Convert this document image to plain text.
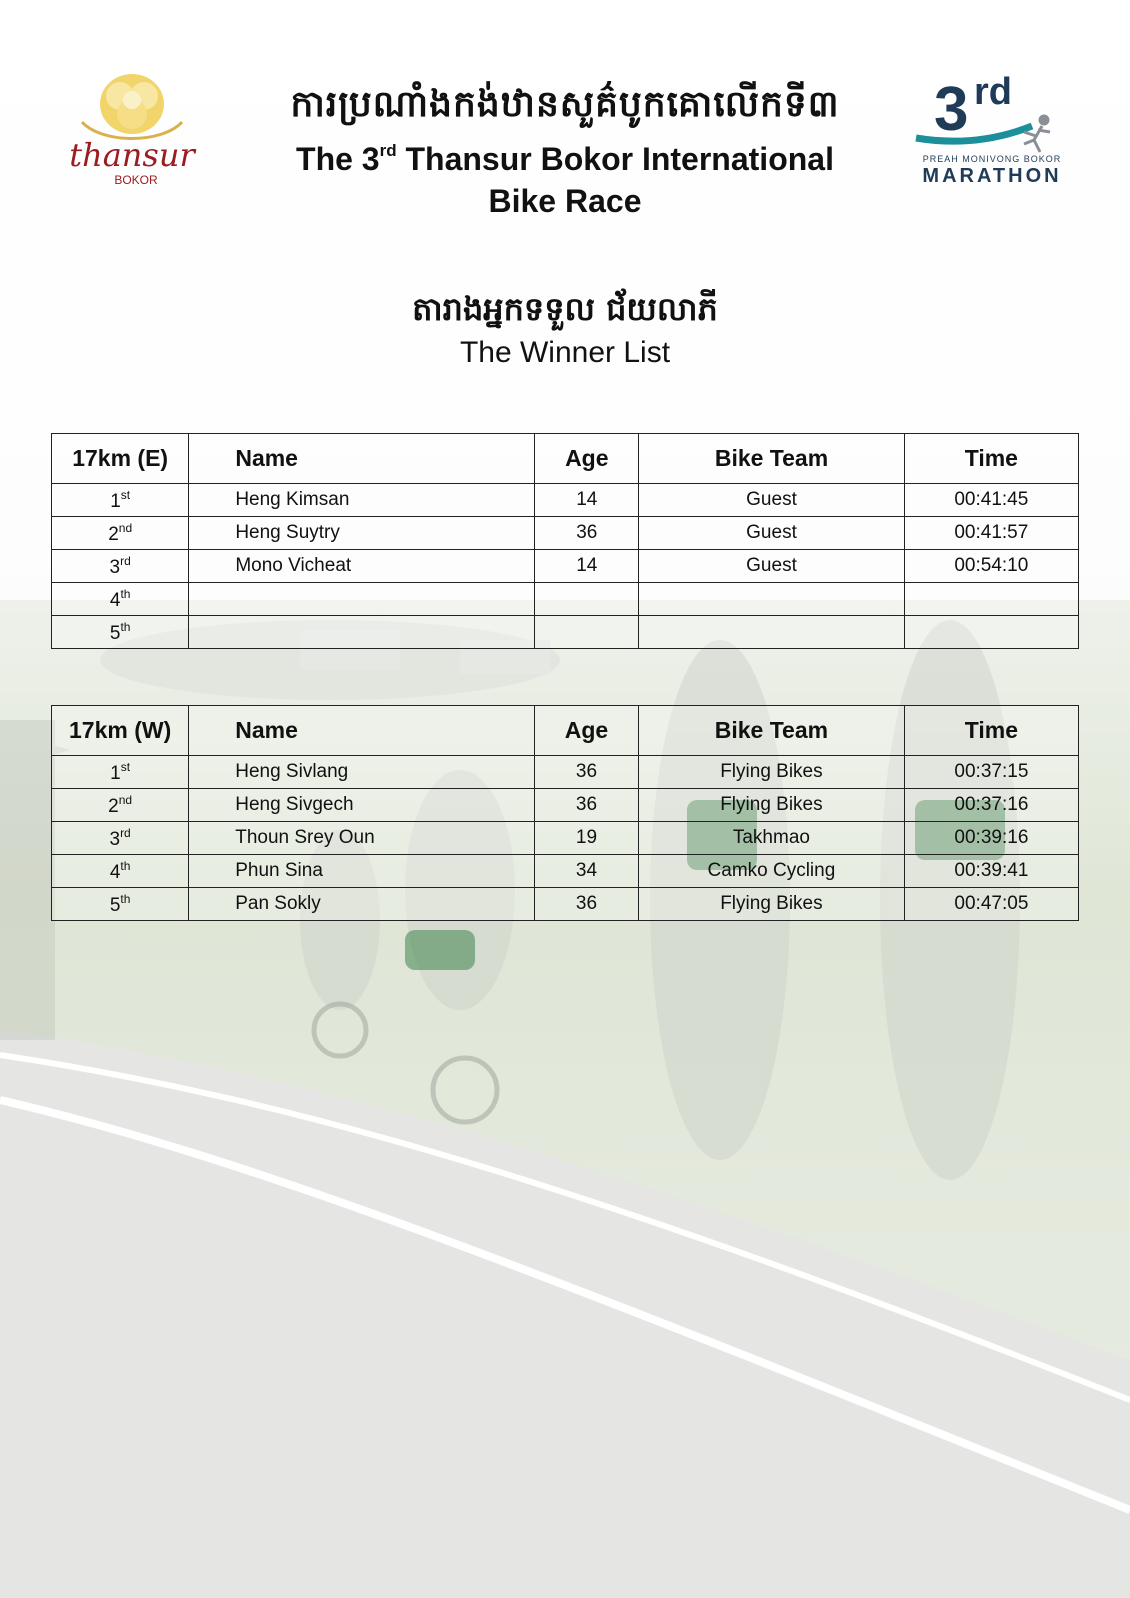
thansur
BOKOR
ការប្រណាំងកង់ឋានសួគ៌បូកគោលើកទី៣
The 3rd Thansur Bokor International
Bike Race
3 rd
PREAH MONIVONG BOKOR
MARATHON
តារាងអ្នកទទួល ជ័យលាភី
The Winner List
17km (E)	Name	Age	Bike Team	Time
1st	Heng Kimsan	14	Guest	00:41:45
2nd	Heng Suytry	36	Guest	00:41:57
3rd	Mono Vicheat	14	Guest	00:54:10
4th				
5th				
17km (W)	Name	Age	Bike Team	Time
1st	Heng Sivlang	36	Flying Bikes	00:37:15
2nd	Heng Sivgech	36	Flying Bikes	00:37:16
3rd	Thoun Srey Oun	19	Takhmao	00:39:16
4th	Phun Sina	34	Camko Cycling	00:39:41
5th	Pan Sokly	36	Flying Bikes	00:47:05
